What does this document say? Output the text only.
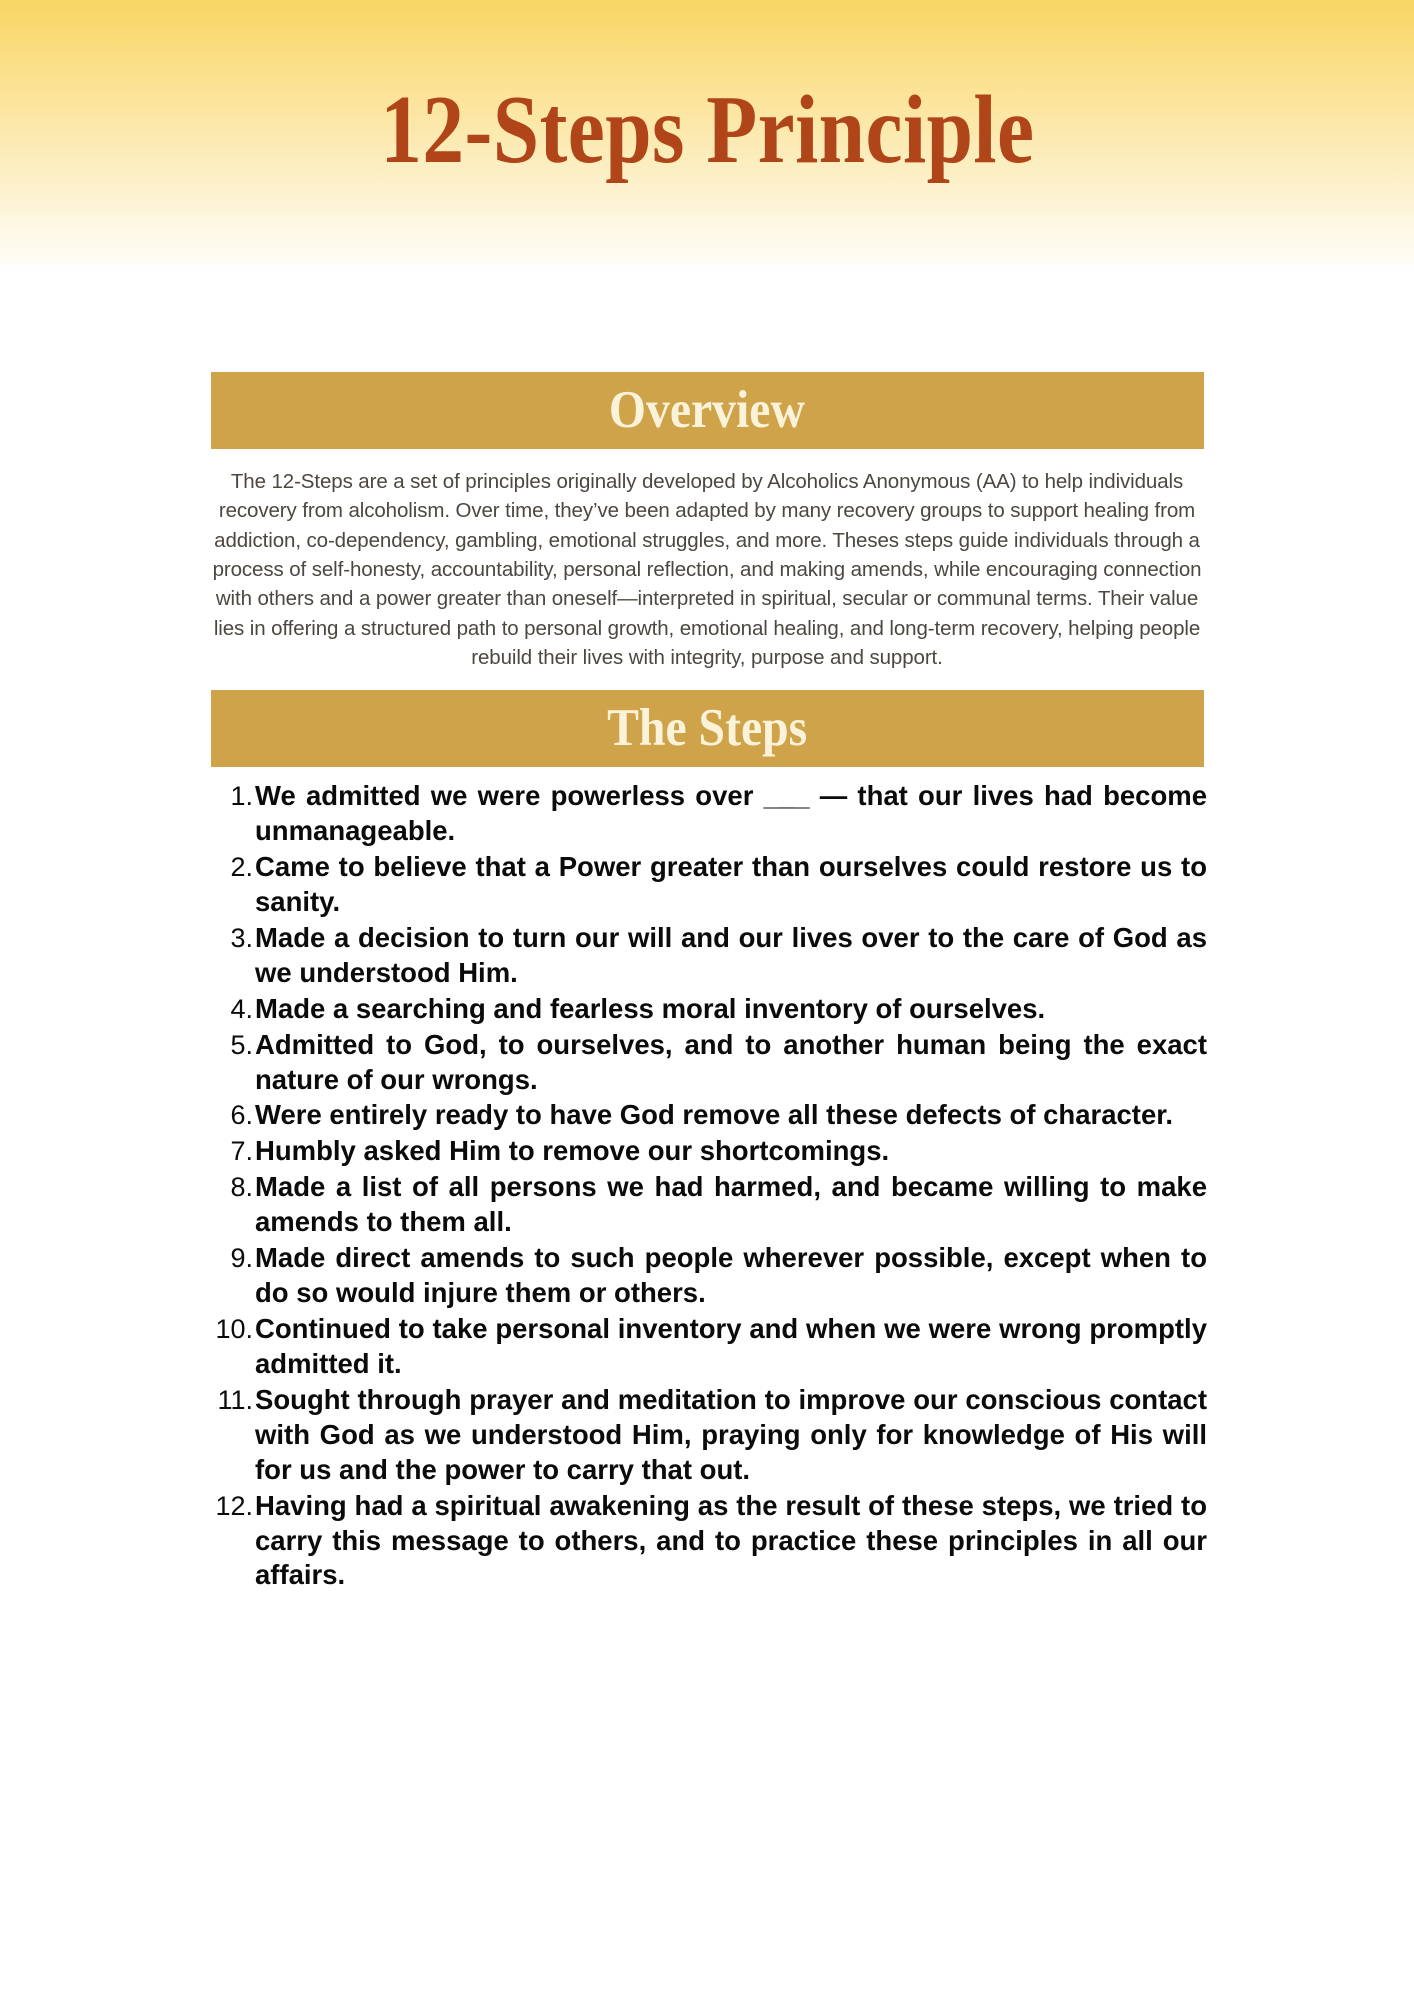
12-Steps Principle
Overview

The 12-Steps are a set of principles originally developed by Alcoholics Anonymous (AA) to help individuals recovery from alcoholism. Over time, they’ve been adapted by many recovery groups to support healing from addiction, co-dependency, gambling, emotional struggles, and more. Theses steps guide individuals through a process of self-honesty, accountability, personal reflection, and making amends, while encouraging connection with others and a power greater than oneself—interpreted in spiritual, secular or communal terms. Their value lies in offering a structured path to personal growth, emotional healing, and long-term recovery, helping people rebuild their lives with integrity, purpose and support.

The Steps
We admitted we were powerless over ___ — that our lives had become unmanageable.
Came to believe that a Power greater than ourselves could restore us to sanity.
Made a decision to turn our will and our lives over to the care of God as we understood Him.
Made a searching and fearless moral inventory of ourselves.
Admitted to God, to ourselves, and to another human being the exact nature of our wrongs.
Were entirely ready to have God remove all these defects of character.
Humbly asked Him to remove our shortcomings.
Made a list of all persons we had harmed, and became willing to make amends to them all.
Made direct amends to such people wherever possible, except when to do so would injure them or others.
Continued to take personal inventory and when we were wrong promptly admitted it.
Sought through prayer and meditation to improve our conscious contact with God as we understood Him, praying only for knowledge of His will for us and the power to carry that out.
Having had a spiritual awakening as the result of these steps, we tried to carry this message to others, and to practice these principles in all our affairs.
